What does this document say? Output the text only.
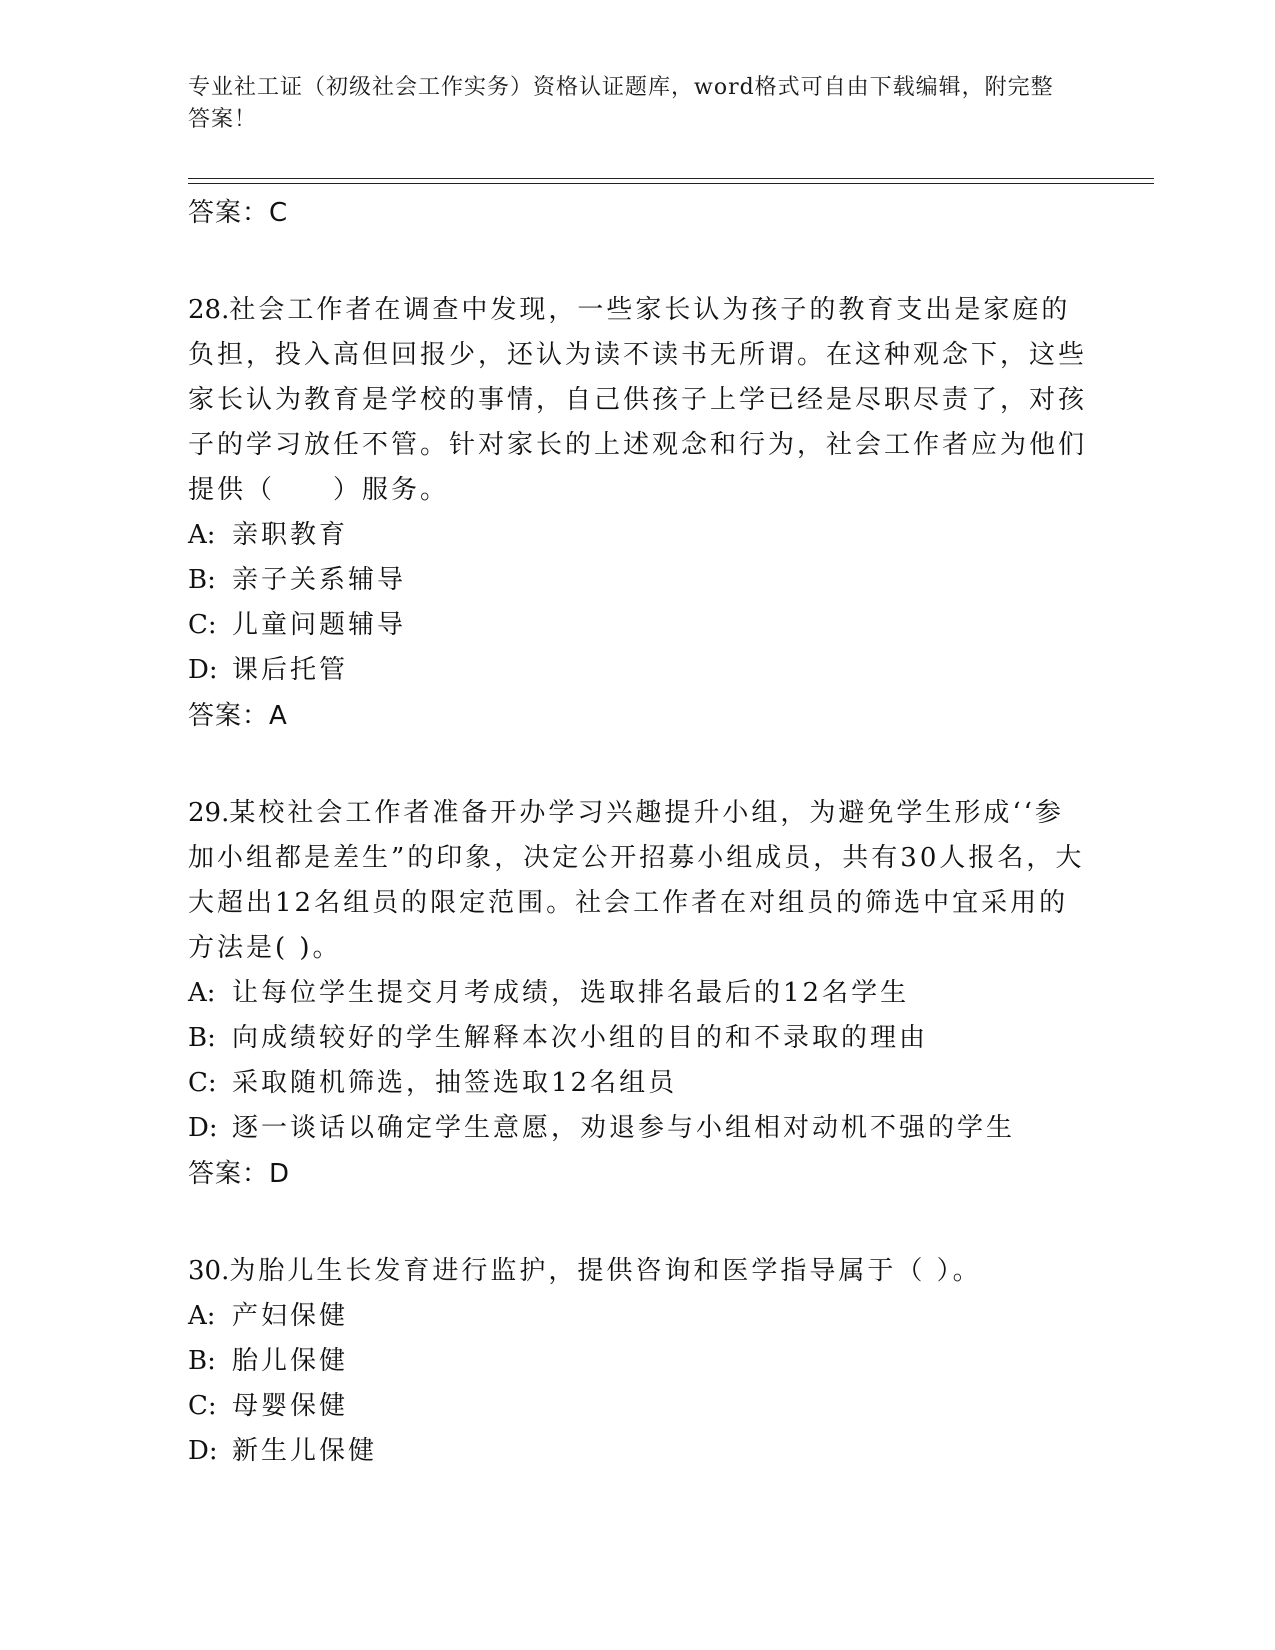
专业社工证（初级社会工作实务）资格认证题库，word格式可自由下载编辑，附完整答案！
答案：C

28.社会工作者在调查中发现，一些家长认为孩子的教育支出是家庭的负担，投入高但回报少，还认为读不读书无所谓。在这种观念下，这些家长认为教育是学校的事情，自己供孩子上学已经是尽职尽责了，对孩子的学习放任不管。针对家长的上述观念和行为，社会工作者应为他们提供（　　）服务。

A: 亲职教育

B: 亲子关系辅导

C: 儿童问题辅导

D: 课后托管

答案：A

29.某校社会工作者准备开办学习兴趣提升小组，为避免学生形成‘‘参加小组都是差生”的印象，决定公开招募小组成员，共有30人报名，大大超出12名组员的限定范围。社会工作者在对组员的筛选中宜采用的方法是( )。

A: 让每位学生提交月考成绩，选取排名最后的12名学生

B: 向成绩较好的学生解释本次小组的目的和不录取的理由

C: 采取随机筛选，抽签选取12名组员

D: 逐一谈话以确定学生意愿，劝退参与小组相对动机不强的学生

答案：D

30.为胎儿生长发育进行监护，提供咨询和医学指导属于（ ）。

A: 产妇保健

B: 胎儿保健

C: 母婴保健

D: 新生儿保健
